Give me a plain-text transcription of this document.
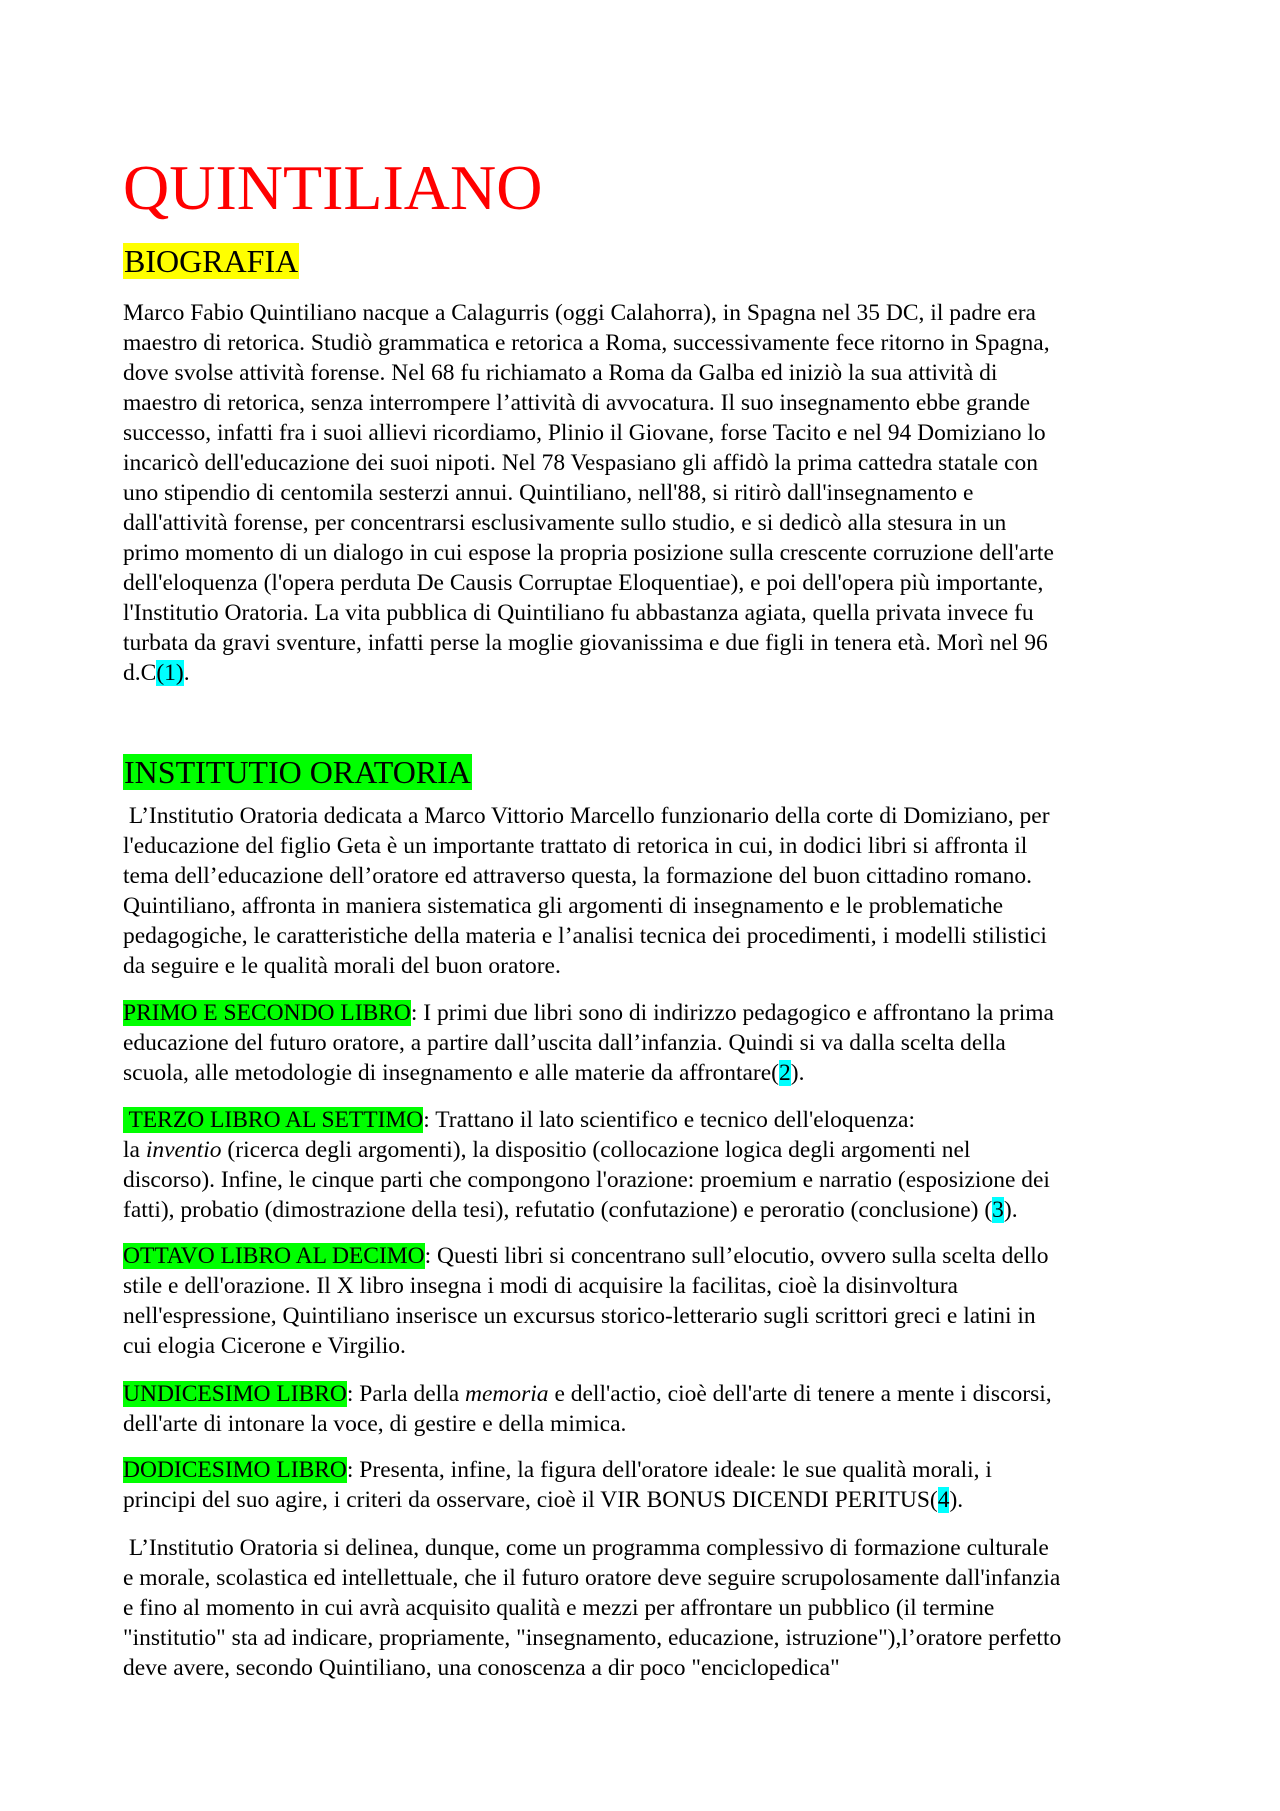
QUINTILIANO
BIOGRAFIA
Marco Fabio Quintiliano nacque a Calagurris (oggi Calahorra), in Spagna nel 35 DC, il padre era
maestro di retorica. Studiò grammatica e retorica a Roma, successivamente fece ritorno in Spagna,
dove svolse attività forense. Nel 68 fu richiamato a Roma da Galba ed iniziò la sua attività di
maestro di retorica, senza interrompere l’attività di avvocatura. Il suo insegnamento ebbe grande
successo, infatti fra i suoi allievi ricordiamo, Plinio il Giovane, forse Tacito e nel 94 Domiziano lo
incaricò dell'educazione dei suoi nipoti. Nel 78 Vespasiano gli affidò la prima cattedra statale con
uno stipendio di centomila sesterzi annui. Quintiliano, nell'88, si ritirò dall'insegnamento e
dall'attività forense, per concentrarsi esclusivamente sullo studio, e si dedicò alla stesura in un
primo momento di un dialogo in cui espose la propria posizione sulla crescente corruzione dell'arte
dell'eloquenza (l'opera perduta De Causis Corruptae Eloquentiae), e poi dell'opera più importante,
l'Institutio Oratoria. La vita pubblica di Quintiliano fu abbastanza agiata, quella privata invece fu
turbata da gravi sventure, infatti perse la moglie giovanissima e due figli in tenera età. Morì nel 96
d.C(1).
INSTITUTIO ORATORIA
L’Institutio Oratoria dedicata a Marco Vittorio Marcello funzionario della corte di Domiziano, per
l'educazione del figlio Geta è un importante trattato di retorica in cui, in dodici libri si affronta il
tema dell’educazione dell’oratore ed attraverso questa, la formazione del buon cittadino romano.
Quintiliano, affronta in maniera sistematica gli argomenti di insegnamento e le problematiche
pedagogiche, le caratteristiche della materia e l’analisi tecnica dei procedimenti, i modelli stilistici
da seguire e le qualità morali del buon oratore.
PRIMO E SECONDO LIBRO: I primi due libri sono di indirizzo pedagogico e affrontano la prima
educazione del futuro oratore, a partire dall’uscita dall’infanzia. Quindi si va dalla scelta della
scuola, alle metodologie di insegnamento e alle materie da affrontare(2).
TERZO LIBRO AL SETTIMO: Trattano il lato scientifico e tecnico dell'eloquenza:
la inventio (ricerca degli argomenti), la dispositio (collocazione logica degli argomenti nel
discorso). Infine, le cinque parti che compongono l'orazione: proemium e narratio (esposizione dei
fatti), probatio (dimostrazione della tesi), refutatio (confutazione) e peroratio (conclusione) (3).
OTTAVO LIBRO AL DECIMO: Questi libri si concentrano sull’elocutio, ovvero sulla scelta dello
stile e dell'orazione. Il X libro insegna i modi di acquisire la facilitas, cioè la disinvoltura
nell'espressione, Quintiliano inserisce un excursus storico-letterario sugli scrittori greci e latini in
cui elogia Cicerone e Virgilio.
UNDICESIMO LIBRO: Parla della memoria e dell'actio, cioè dell'arte di tenere a mente i discorsi,
dell'arte di intonare la voce, di gestire e della mimica.
DODICESIMO LIBRO: Presenta, infine, la figura dell'oratore ideale: le sue qualità morali, i
principi del suo agire, i criteri da osservare, cioè il VIR BONUS DICENDI PERITUS(4).
L’Institutio Oratoria si delinea, dunque, come un programma complessivo di formazione culturale
e morale, scolastica ed intellettuale, che il futuro oratore deve seguire scrupolosamente dall'infanzia
e fino al momento in cui avrà acquisito qualità e mezzi per affrontare un pubblico (il termine
"institutio" sta ad indicare, propriamente, "insegnamento, educazione, istruzione"),l’oratore perfetto
deve avere, secondo Quintiliano, una conoscenza a dir poco "enciclopedica"
